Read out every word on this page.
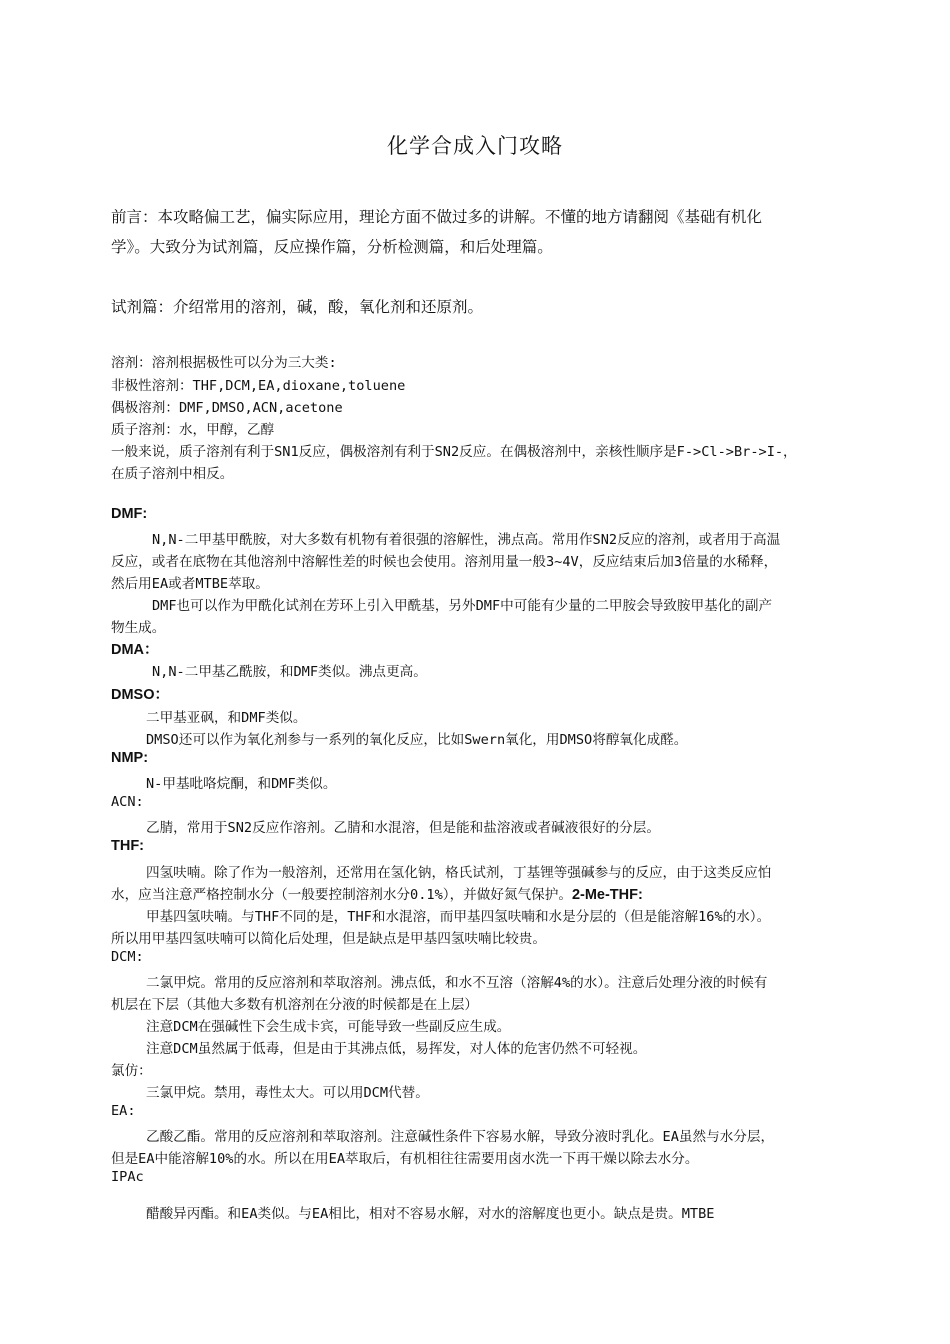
化学合成入门攻略
前言：本攻略偏工艺，偏实际应用，理论方面不做过多的讲解。不懂的地方请翻阅《基础有机化
学》。大致分为试剂篇，反应操作篇，分析检测篇，和后处理篇。
试剂篇：介绍常用的溶剂，碱，酸，氧化剂和还原剂。
溶剂：溶剂根据极性可以分为三大类:
非极性溶剂：THF,DCM,EA,dioxane,toluene
偶极溶剂：DMF,DMSO,ACN,acetone
质子溶剂：水，甲醇，乙醇
一般来说，质子溶剂有利于SN1反应，偶极溶剂有利于SN2反应。在偶极溶剂中，亲核性顺序是F->Cl->Br->I-，
在质子溶剂中相反。
DMF:
N,N-二甲基甲酰胺，对大多数有机物有着很强的溶解性，沸点高。常用作SN2反应的溶剂，或者用于高温
反应，或者在底物在其他溶剂中溶解性差的时候也会使用。溶剂用量一般3~4V，反应结束后加3倍量的水稀释，
然后用EA或者MTBE萃取。
DMF也可以作为甲酰化试剂在芳环上引入甲酰基，另外DMF中可能有少量的二甲胺会导致胺甲基化的副产
物生成。
DMA：
N,N-二甲基乙酰胺，和DMF类似。沸点更高。
DMSO：
二甲基亚砜，和DMF类似。
DMSO还可以作为氧化剂参与一系列的氧化反应，比如Swern氧化，用DMSO将醇氧化成醛。
NMP:
N-甲基吡咯烷酮，和DMF类似。
ACN:
乙腈，常用于SN2反应作溶剂。乙腈和水混溶，但是能和盐溶液或者碱液很好的分层。
THF:
四氢呋喃。除了作为一般溶剂，还常用在氢化钠，格氏试剂，丁基锂等强碱参与的反应，由于这类反应怕
水，应当注意严格控制水分（一般要控制溶剂水分0.1%），并做好氮气保护。2-Me-THF:
甲基四氢呋喃。与THF不同的是，THF和水混溶，而甲基四氢呋喃和水是分层的（但是能溶解16%的水）。
所以用甲基四氢呋喃可以简化后处理，但是缺点是甲基四氢呋喃比较贵。
DCM:
二氯甲烷。常用的反应溶剂和萃取溶剂。沸点低，和水不互溶（溶解4%的水）。注意后处理分液的时候有
机层在下层（其他大多数有机溶剂在分液的时候都是在上层）
注意DCM在强碱性下会生成卡宾，可能导致一些副反应生成。
注意DCM虽然属于低毒，但是由于其沸点低，易挥发，对人体的危害仍然不可轻视。
氯仿：
三氯甲烷。禁用，毒性太大。可以用DCM代替。
EA:
乙酸乙酯。常用的反应溶剂和萃取溶剂。注意碱性条件下容易水解，导致分液时乳化。EA虽然与水分层，
但是EA中能溶解10%的水。所以在用EA萃取后，有机相往往需要用卤水洗一下再干燥以除去水分。
IPAc
醋酸异丙酯。和EA类似。与EA相比，相对不容易水解，对水的溶解度也更小。缺点是贵。MTBE
